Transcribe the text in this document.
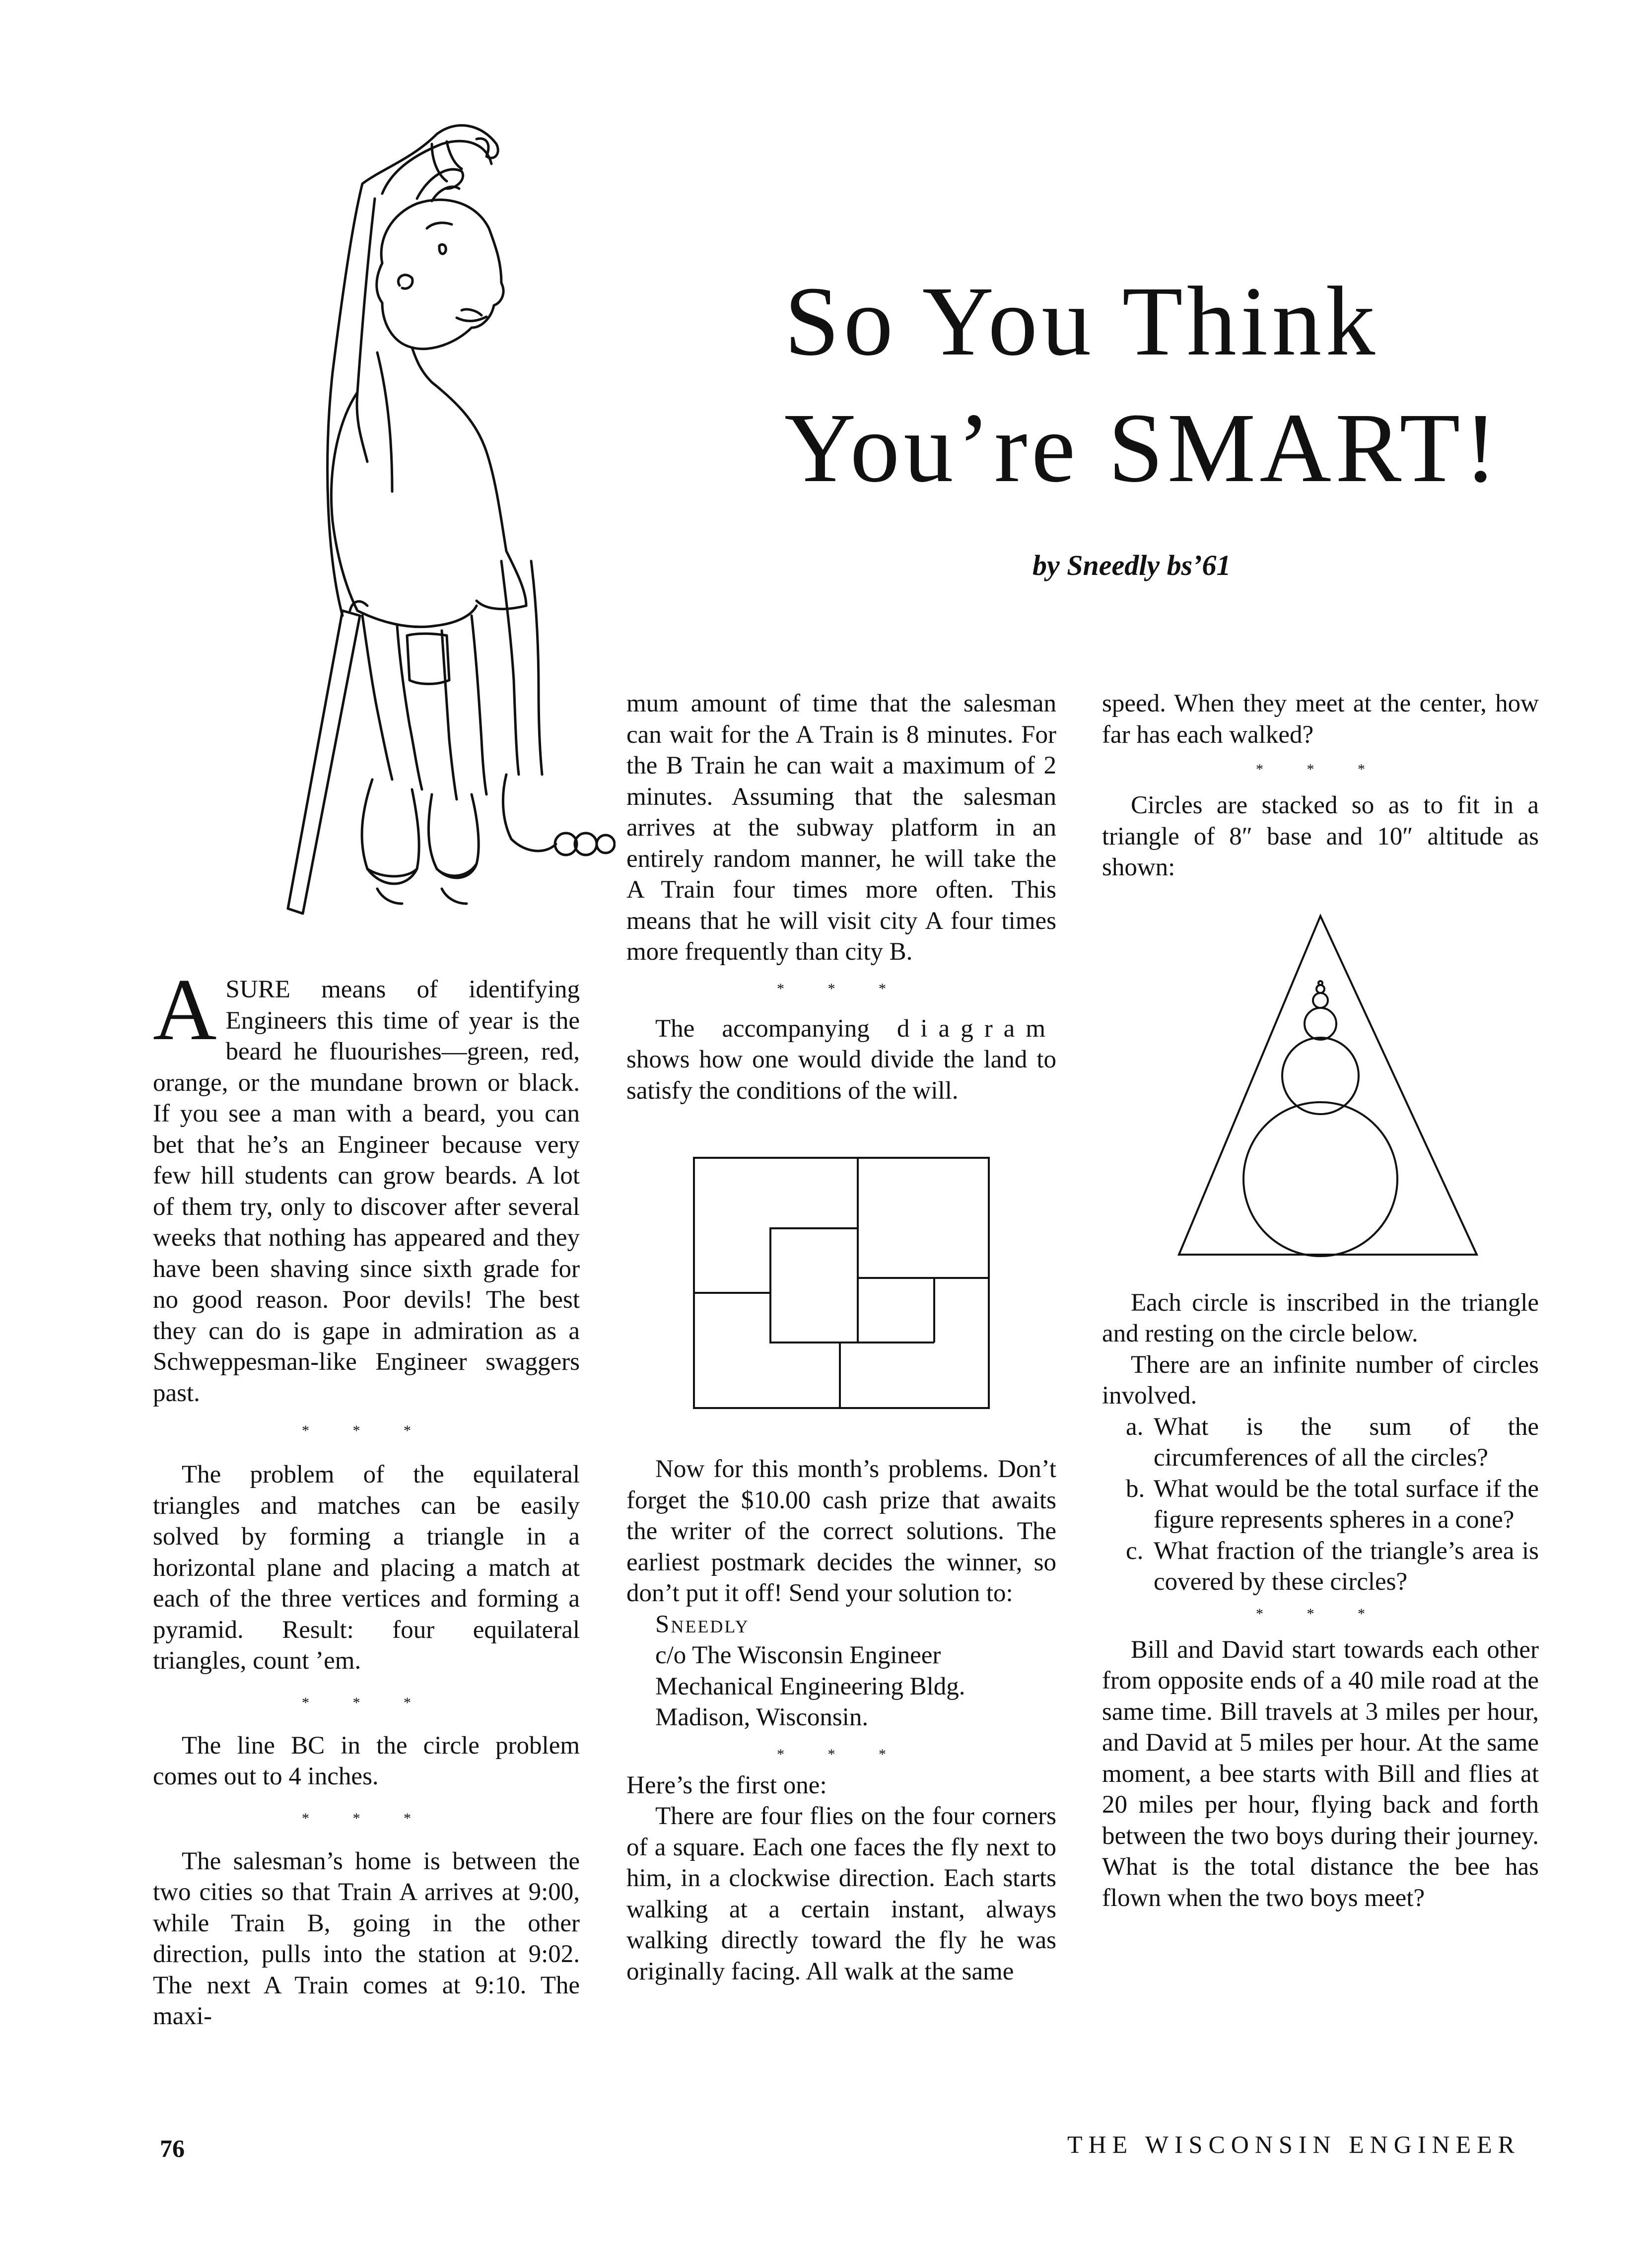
So You Think
You’re SMART!
by Sneedly bs’61

A SURE means of identifying Engineers this time of year is the beard he fluourishes—green, red, orange, or the mundane brown or black. If you see a man with a beard, you can bet that he’s an Engineer because very few hill students can grow beards. A lot of them try, only to discover after several weeks that nothing has appeared and they have been shaving since sixth grade for no good reason. Poor devils! The best they can do is gape in admiration as a Schweppesman-like Engineer swaggers past.

* * *

The problem of the equilateral triangles and matches can be easily solved by forming a triangle in a horizontal plane and placing a match at each of the three vertices and forming a pyramid. Result: four equilateral triangles, count ’em.

* * *

The line BC in the circle problem comes out to 4 inches.

* * *

The salesman’s home is between the two cities so that Train A arrives at 9:00, while Train B, going in the other direction, pulls into the station at 9:02. The next A Train comes at 9:10. The maxi-

mum amount of time that the salesman can wait for the A Train is 8 minutes. For the B Train he can wait a maximum of 2 minutes. Assuming that the salesman arrives at the subway platform in an entirely random manner, he will take the A Train four times more often. This means that he will visit city A four times more frequently than city B.

* * *

The accompanying diagram shows how one would divide the land to satisfy the conditions of the will.

Now for this month’s problems. Don’t forget the $10.00 cash prize that awaits the writer of the correct solutions. The earliest postmark decides the winner, so don’t put it off! Send your solution to:

Sneedly
c/o The Wisconsin Engineer
Mechanical Engineering Bldg.
Madison, Wisconsin.
* * *

Here’s the first one:

There are four flies on the four corners of a square. Each one faces the fly next to him, in a clockwise direction. Each starts walking at a certain instant, always walking directly toward the fly he was originally facing. All walk at the same

speed. When they meet at the center, how far has each walked?

* * *

Circles are stacked so as to fit in a triangle of 8″ base and 10″ altitude as shown:

Each circle is inscribed in the triangle and resting on the circle below.

There are an infinite number of circles involved.

a. What is the sum of the circumferences of all the circles?
b. What would be the total surface if the figure represents spheres in a cone?
c. What fraction of the triangle’s area is covered by these circles?
* * *

Bill and David start towards each other from opposite ends of a 40 mile road at the same time. Bill travels at 3 miles per hour, and David at 5 miles per hour. At the same moment, a bee starts with Bill and flies at 20 miles per hour, flying back and forth between the two boys during their journey. What is the total distance the bee has flown when the two boys meet?

76	THE WISCONSIN ENGINEER
